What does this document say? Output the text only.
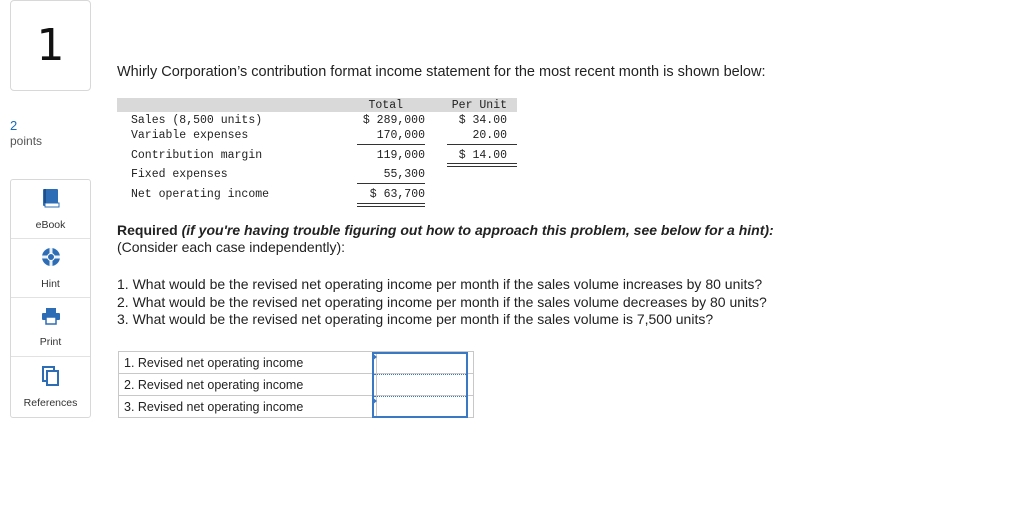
1
2
points
eBook
Hint
Print
References
Whirly Corporation’s contribution format income statement for the most recent month is shown below:
Total	Per Unit
Sales (8,500 units)	$ 289,000	$ 34.00
Variable expenses	170,000	20.00
Contribution margin	119,000	$ 14.00
Fixed expenses	55,300
Net operating income	$ 63,700
Required (if you're having trouble figuring out how to approach this problem, see below for a hint):
(Consider each case independently):
1. What would be the revised net operating income per month if the sales volume increases by 80 units?
2. What would be the revised net operating income per month if the sales volume decreases by 80 units?
3. What would be the revised net operating income per month if the sales volume is 7,500 units?
1. Revised net operating income	
2. Revised net operating income	
3. Revised net operating income	
